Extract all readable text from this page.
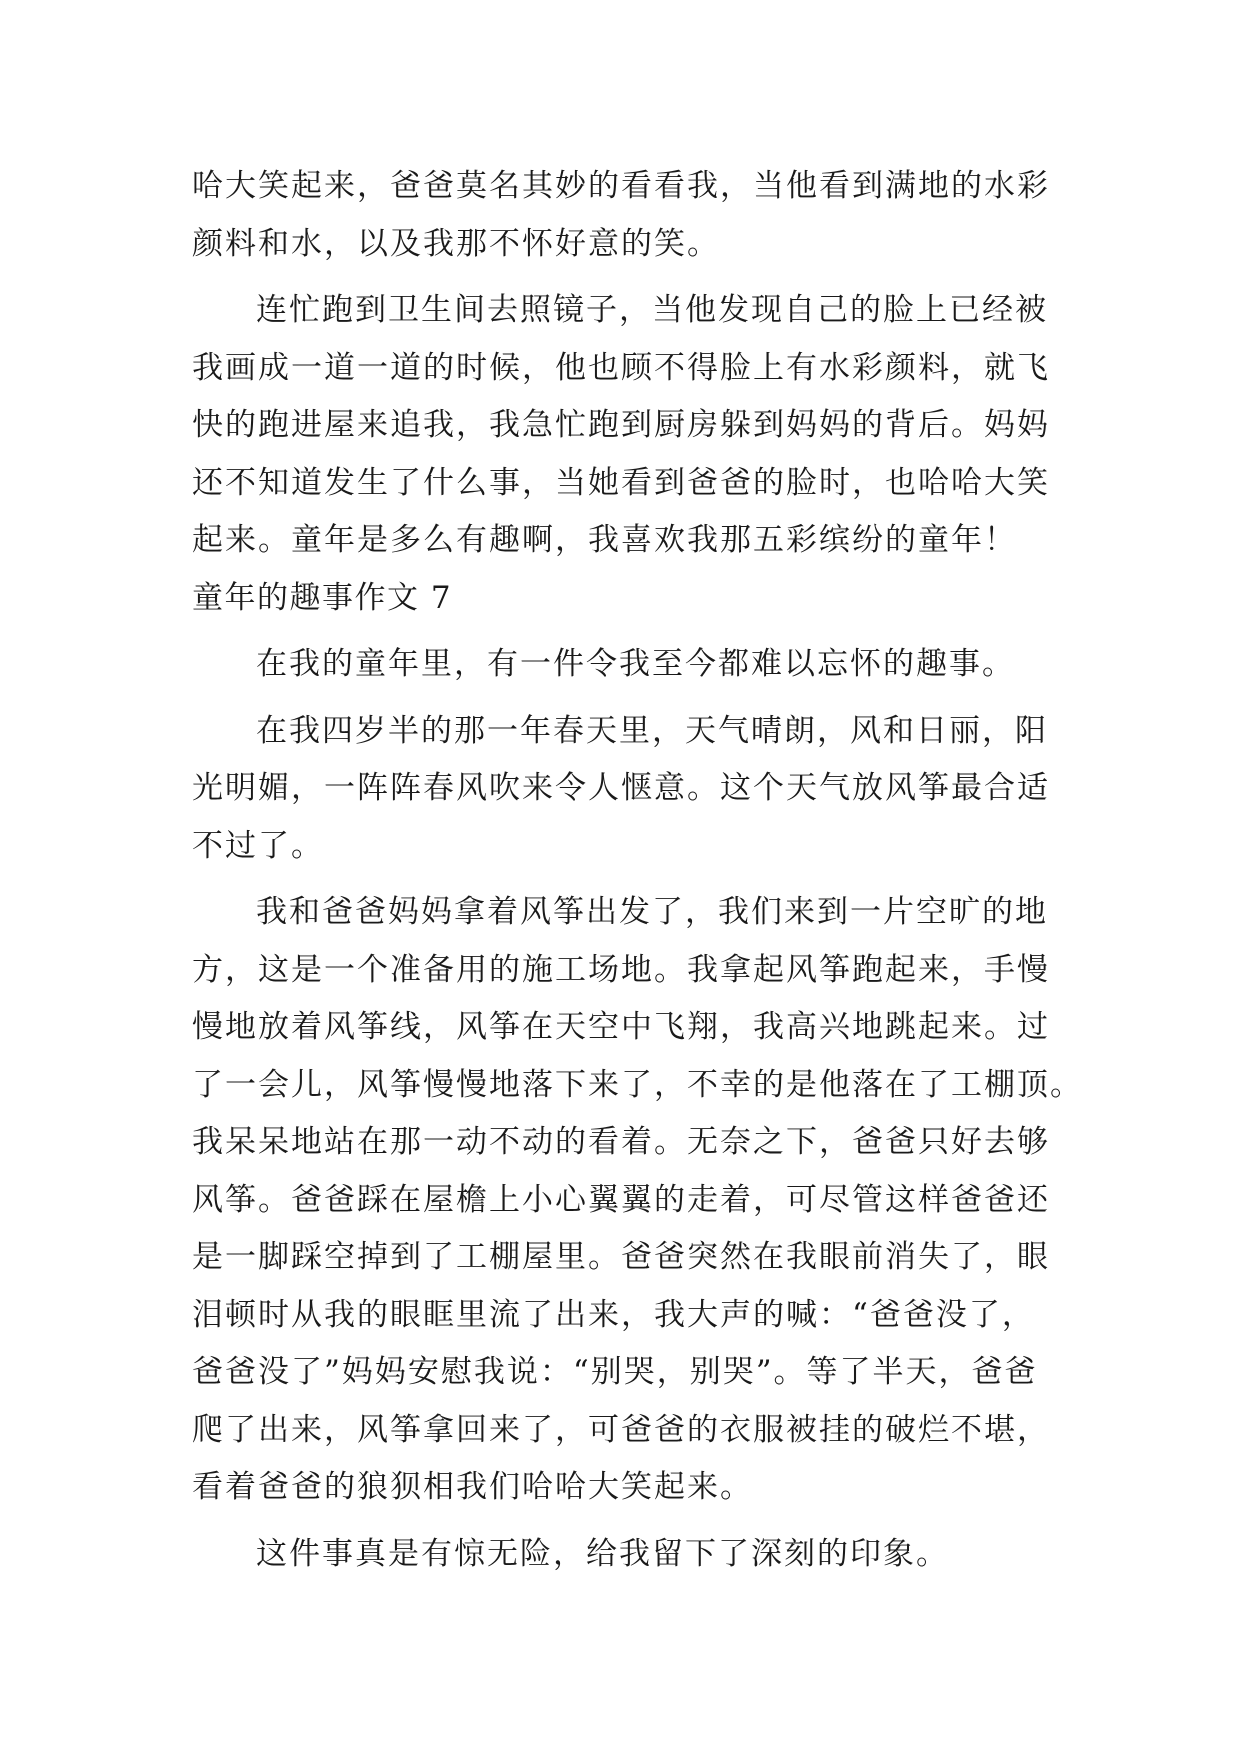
哈大笑起来，爸爸莫名其妙的看看我，当他看到满地的水彩
颜料和水，以及我那不怀好意的笑。
连忙跑到卫生间去照镜子，当他发现自己的脸上已经被
我画成一道一道的时候，他也顾不得脸上有水彩颜料，就飞
快的跑进屋来追我，我急忙跑到厨房躲到妈妈的背后。妈妈
还不知道发生了什么事，当她看到爸爸的脸时，也哈哈大笑
起来。童年是多么有趣啊，我喜欢我那五彩缤纷的童年！
童年的趣事作文 7
在我的童年里，有一件令我至今都难以忘怀的趣事。
在我四岁半的那一年春天里，天气晴朗，风和日丽，阳
光明媚，一阵阵春风吹来令人惬意。这个天气放风筝最合适
不过了。
我和爸爸妈妈拿着风筝出发了，我们来到一片空旷的地
方，这是一个准备用的施工场地。我拿起风筝跑起来，手慢
慢地放着风筝线，风筝在天空中飞翔，我高兴地跳起来。过
了一会儿，风筝慢慢地落下来了，不幸的是他落在了工棚顶。
我呆呆地站在那一动不动的看着。无奈之下，爸爸只好去够
风筝。爸爸踩在屋檐上小心翼翼的走着，可尽管这样爸爸还
是一脚踩空掉到了工棚屋里。爸爸突然在我眼前消失了，眼
泪顿时从我的眼眶里流了出来，我大声的喊：“爸爸没了，
爸爸没了”妈妈安慰我说：“别哭，别哭”。等了半天，爸爸
爬了出来，风筝拿回来了，可爸爸的衣服被挂的破烂不堪，
看着爸爸的狼狈相我们哈哈大笑起来。
这件事真是有惊无险，给我留下了深刻的印象。
